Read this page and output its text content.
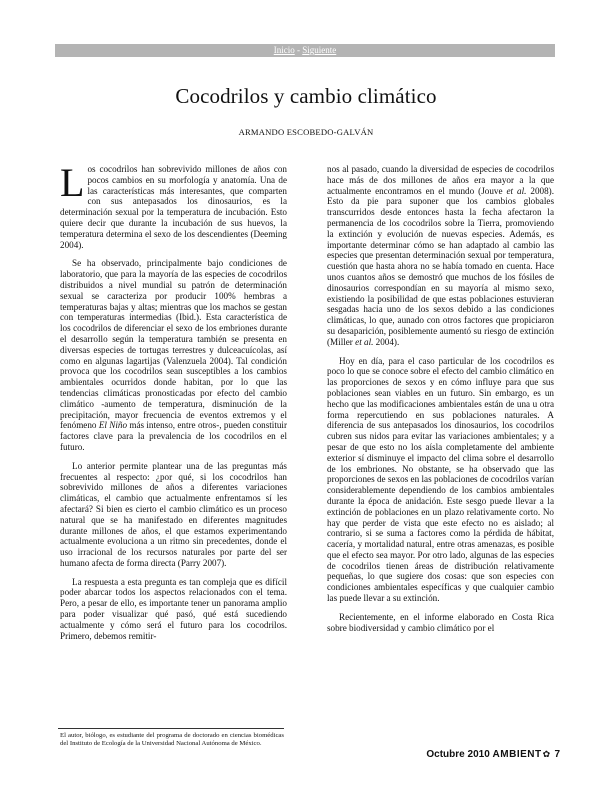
Inicio - Siguiente
Cocodrilos y cambio climático
ARMANDO ESCOBEDO-GALVÁN

Los cocodrilos han sobrevivido millones de años con pocos cambios en su morfología y anatomía. Una de las características más interesantes, que comparten con sus antepasados los dinosaurios, es la determinación sexual por la temperatura de incubación. Esto quiere decir que durante la incubación de sus huevos, la temperatura determina el sexo de los descendientes (Deeming 2004).

Se ha observado, principalmente bajo condiciones de laboratorio, que para la mayoría de las especies de cocodrilos distribuidos a nivel mundial su patrón de determinación sexual se caracteriza por producir 100% hembras a temperaturas bajas y altas; mientras que los machos se gestan con temperaturas intermedias (Ibid.). Esta característica de los cocodrilos de diferenciar el sexo de los embriones durante el desarrollo según la temperatura también se presenta en diversas especies de tortugas terrestres y dulceacuícolas, así como en algunas lagartijas (Valenzuela 2004). Tal condición provoca que los cocodrilos sean susceptibles a los cambios ambientales ocurridos donde habitan, por lo que las tendencias climáticas pronosticadas por efecto del cambio climático -aumento de temperatura, disminución de la precipitación, mayor frecuencia de eventos extremos y el fenómeno El Niño más intenso, entre otros-, pueden constituir factores clave para la prevalencia de los cocodrilos en el futuro.

Lo anterior permite plantear una de las preguntas más frecuentes al respecto: ¿por qué, si los cocodrilos han sobrevivido millones de años a diferentes variaciones climáticas, el cambio que actualmente enfrentamos sí les afectará? Si bien es cierto el cambio climático es un proceso natural que se ha manifestado en diferentes magnitudes durante millones de años, el que estamos experimentando actualmente evoluciona a un ritmo sin precedentes, donde el uso irracional de los recursos naturales por parte del ser humano afecta de forma directa (Parry 2007).

La respuesta a esta pregunta es tan compleja que es difícil poder abarcar todos los aspectos relacionados con el tema. Pero, a pesar de ello, es importante tener un panorama amplio para poder visualizar qué pasó, qué está sucediendo actualmente y cómo será el futuro para los cocodrilos. Primero, debemos remitir-

nos al pasado, cuando la diversidad de especies de cocodrilos hace más de dos millones de años era mayor a la que actualmente encontramos en el mundo (Jouve et al. 2008). Esto da pie para suponer que los cambios globales transcurridos desde entonces hasta la fecha afectaron la permanencia de los cocodrilos sobre la Tierra, promoviendo la extinción y evolución de nuevas especies. Además, es importante determinar cómo se han adaptado al cambio las especies que presentan determinación sexual por temperatura, cuestión que hasta ahora no se había tomado en cuenta. Hace unos cuantos años se demostró que muchos de los fósiles de dinosaurios correspondían en su mayoría al mismo sexo, existiendo la posibilidad de que estas poblaciones estuvieran sesgadas hacia uno de los sexos debido a las condiciones climáticas, lo que, aunado con otros factores que propiciaron su desaparición, posiblemente aumentó su riesgo de extinción (Miller et al. 2004).

Hoy en día, para el caso particular de los cocodrilos es poco lo que se conoce sobre el efecto del cambio climático en las proporciones de sexos y en cómo influye para que sus poblaciones sean viables en un futuro. Sin embargo, es un hecho que las modificaciones ambientales están de una u otra forma repercutiendo en sus poblaciones naturales. A diferencia de sus antepasados los dinosaurios, los cocodrilos cubren sus nidos para evitar las variaciones ambientales; y a pesar de que esto no los aísla completamente del ambiente exterior sí disminuye el impacto del clima sobre el desarrollo de los embriones. No obstante, se ha observado que las proporciones de sexos en las poblaciones de cocodrilos varían considerablemente dependiendo de los cambios ambientales durante la época de anidación. Este sesgo puede llevar a la extinción de poblaciones en un plazo relativamente corto. No hay que perder de vista que este efecto no es aislado; al contrario, si se suma a factores como la pérdida de hábitat, cacería, y mortalidad natural, entre otras amenazas, es posible que el efecto sea mayor. Por otro lado, algunas de las especies de cocodrilos tienen áreas de distribución relativamente pequeñas, lo que sugiere dos cosas: que son especies con condiciones ambientales específicas y que cualquier cambio las puede llevar a su extinción.

Recientemente, en el informe elaborado en Costa Rica sobre biodiversidad y cambio climático por el

El autor, biólogo, es estudiante del programa de doctorado en ciencias biomédicas del Instituto de Ecología de la Universidad Nacional Autónoma de México.
Octubre 2010 AMBIENT✿ 7
